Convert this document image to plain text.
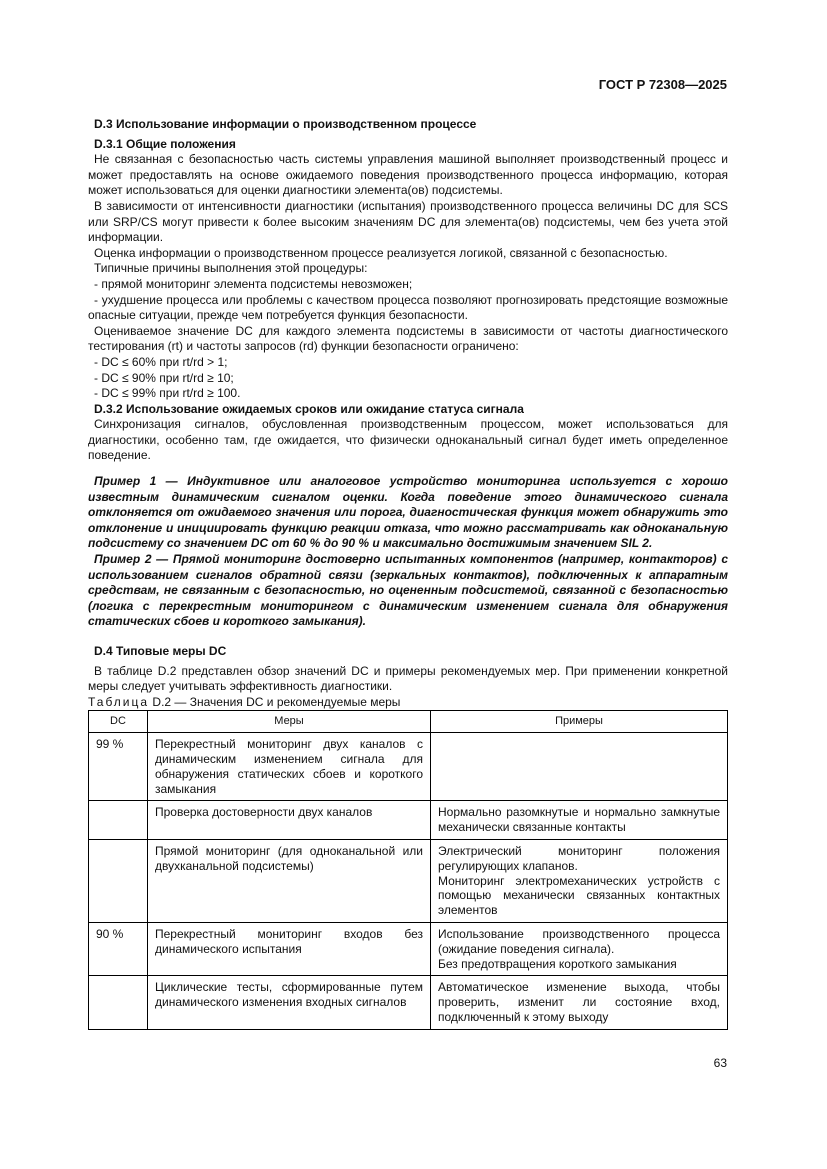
ГОСТ Р 72308—2025

D.3 Использование информации о производственном процессе

D.3.1 Общие положения

Не связанная с безопасностью часть системы управления машиной выполняет производственный процесс и может предоставлять на основе ожидаемого поведения производственного процесса информацию, которая может использоваться для оценки диагностики элемента(ов) подсистемы.

В зависимости от интенсивности диагностики (испытания) производственного процесса величины DC для SCS или SRP/CS могут привести к более высоким значениям DC для элемента(ов) подсистемы, чем без учета этой информации.

Оценка информации о производственном процессе реализуется логикой, связанной с безопасностью.

Типичные причины выполнения этой процедуры:

- прямой мониторинг элемента подсистемы невозможен;

- ухудшение процесса или проблемы с качеством процесса позволяют прогнозировать предстоящие возможные опасные ситуации, прежде чем потребуется функция безопасности.

Оцениваемое значение DC для каждого элемента подсистемы в зависимости от частоты диагностического тестирования (rt) и частоты запросов (rd) функции безопасности ограничено:

- DC ≤ 60% при rt/rd > 1;

- DC ≤ 90% при rt/rd ≥ 10;

- DC ≤ 99% при rt/rd ≥ 100.

D.3.2 Использование ожидаемых сроков или ожидание статуса сигнала

Синхронизация сигналов, обусловленная производственным процессом, может использоваться для диагностики, особенно там, где ожидается, что физически одноканальный сигнал будет иметь определенное поведение.

Пример 1 — Индуктивное или аналоговое устройство мониторинга используется с хорошо известным динамическим сигналом оценки. Когда поведение этого динамического сигнала отклоняется от ожидаемого значения или порога, диагностическая функция может обнаружить это отклонение и инициировать функцию реакции отказа, что можно рассматривать как одноканальную подсистему со значением DC от 60 % до 90 % и максимально достижимым значением SIL 2.

Пример 2 — Прямой мониторинг достоверно испытанных компонентов (например, контакторов) с использованием сигналов обратной связи (зеркальных контактов), подключенных к аппаратным средствам, не связанным с безопасностью, но оцененным подсистемой, связанной с безопасностью (логика с перекрестным мониторингом с динамическим изменением сигнала для обнаружения статических сбоев и короткого замыкания).

D.4 Типовые меры DC

В таблице D.2 представлен обзор значений DC и примеры рекомендуемых мер. При применении конкретной меры следует учитывать эффективность диагностики.

Таблица D.2 — Значения DC и рекомендуемые меры

DC	Меры	Примеры
99 %	Перекрестный мониторинг двух каналов с динамическим изменением сигнала для обнаружения статических сбоев и короткого замыкания	
	Проверка достоверности двух каналов	Нормально разомкнутые и нормально замкнутые механически связанные контакты
	Прямой мониторинг (для одноканальной или двухканальной подсистемы)	Электрический мониторинг положения регулирующих клапанов.
Мониторинг электромеханических устройств с помощью механически связанных контактных элементов

90 %	Перекрестный мониторинг входов без динамического испытания	Использование производственного процесса (ожидание поведения сигнала).
Без предотвращения короткого замыкания

	Циклические тесты, сформированные путем динамического изменения входных сигналов	Автоматическое изменение выхода, чтобы проверить, изменит ли состояние вход, подключенный к этому выходу
63
